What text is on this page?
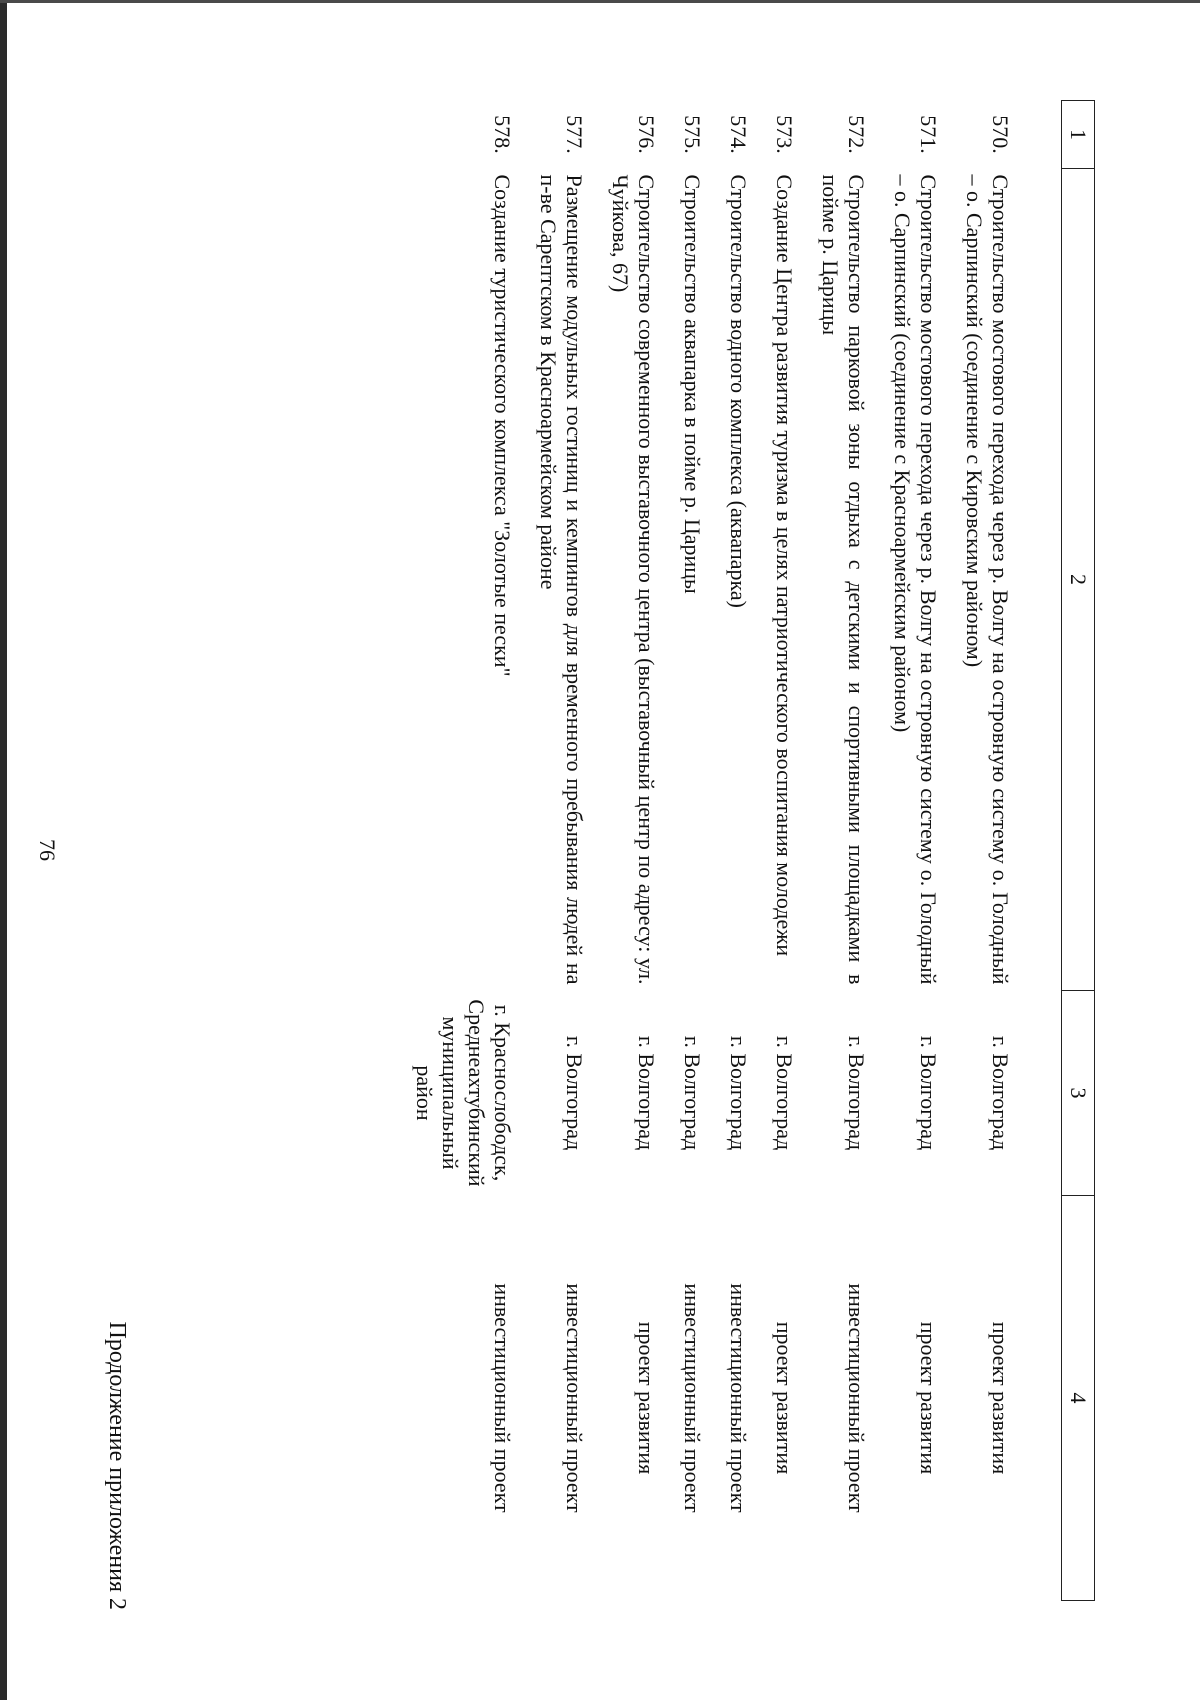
76
Продолжение приложения 2
1	2	3	4
570.	Строительство мостового перехода через р. Волгу на островную систему о. Голодный – о. Сарпинский (соединение с Кировским районом)	г. Волгоград	проект развития
571.	Строительство мостового перехода через р. Волгу на островную систему о. Голодный – о. Сарпинский (соединение с Красноармейским районом)	г. Волгоград	проект развития
572.	Строительство парковой зоны отдыха с детскими и спортивными площадками в пойме р. Царицы	г. Волгоград	инвестиционный проект
573.	Создание Центра развития туризма в целях патриотического воспитания молодежи	г. Волгоград	проект развития
574.	Строительство водного комплекса (аквапарка)	г. Волгоград	инвестиционный проект
575.	Строительство аквапарка в пойме р. Царицы	г. Волгоград	инвестиционный проект
576.	Строительство современного выставочного центра (выставочный центр по адресу: ул. Чуйкова, 67)	г. Волгоград	проект развития
577.	Размещение модульных гостиниц и кемпингов для временного пребывания людей на п-ве Сарептском в Красноармейском районе	г. Волгоград	инвестиционный проект
578.	Создание туристического комплекса "Золотые пески"	г. Краснослободск, Среднеахтубинский муниципальный район	инвестиционный проект
